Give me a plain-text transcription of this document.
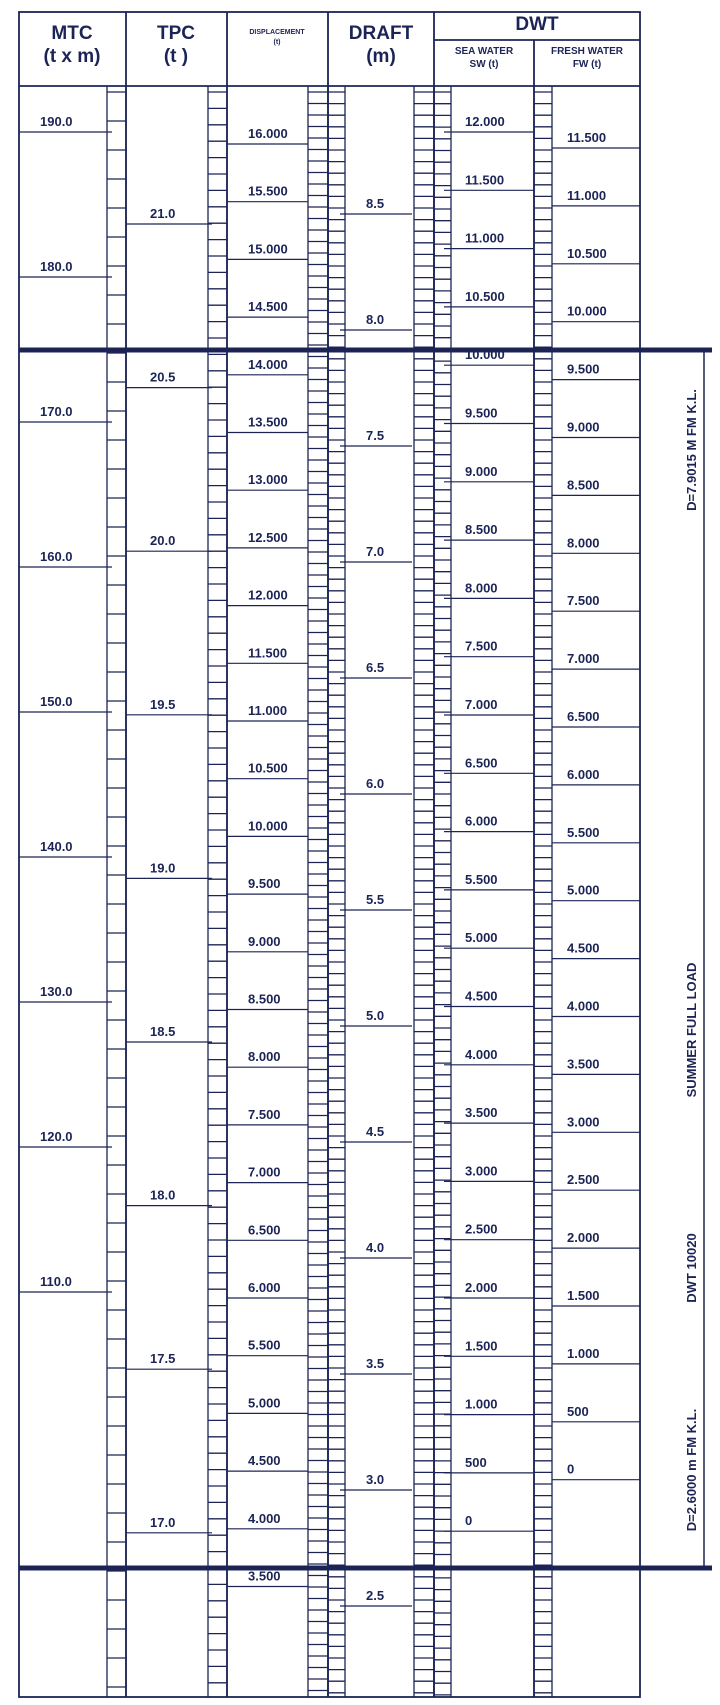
MTC
(t x m)
TPC
(t )
DISPLACEMENT
(t)	DRAFT
(m)
DWT
SEA WATER
SW (t)
FRESH WATER
FW (t)
190.0
180.0
170.0
160.0
150.0
140.0
130.0
120.0
110.0
21.0
20.5
20.0
19.5
19.0
18.5
18.0
17.5
17.0
16.000
15.500
15.000
14.500
14.000
13.500
13.000
12.500
12.000
11.500
11.000
10.500
10.000
9.500
9.000
8.500
8.000
7.500
7.000
6.500
6.000
5.500
5.000
4.500
4.000
3.500
8.5
8.0
7.5
7.0
6.5
6.0
5.5
5.0
4.5
4.0
3.5
3.0
2.5
12.000
11.500
11.000
10.500
10.000
9.500
9.000
8.500
8.000
7.500
7.000
6.500
6.000
5.500
5.000
4.500
4.000
3.500
3.000
2.500
2.000
1.500
1.000
500
0
11.500
11.000
10.500
10.000
9.500
9.000
8.500
8.000
7.500
7.000
6.500
6.000
5.500
5.000
4.500
4.000
3.500
3.000
2.500
2.000
1.500
1.000
500
0
D=7.9015 M FM K.L.
SUMMER FULL LOAD
DWT 10020
D=2.6000 m FM K.L.
